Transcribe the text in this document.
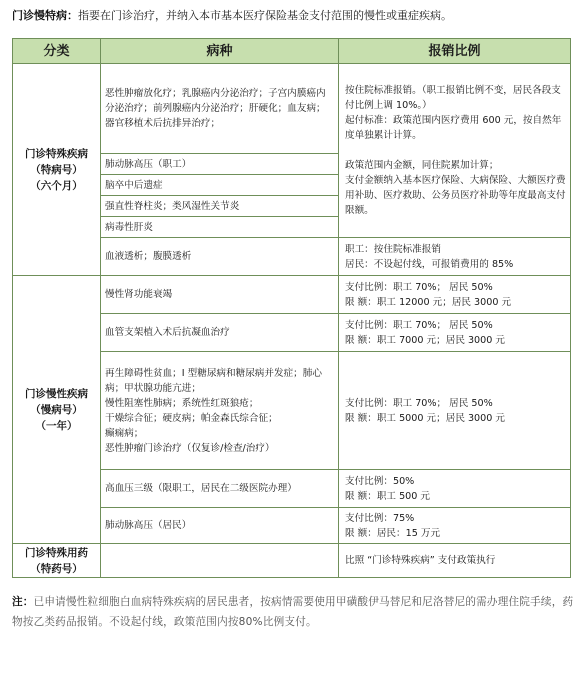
门诊慢特病：指要在门诊治疗，并纳入本市基本医疗保险基金支付范围的慢性或重症疾病。
分类	病种	报销比例

门诊特殊疾病
（特病号）
（六个月）	恶性肿瘤放化疗；乳腺癌内分泌治疗；子宫内膜癌内分泌治疗；前列腺癌内分泌治疗；肝硬化；血友病；器官移植术后抗排异治疗；	按住院标准报销。（职工报销比例不变，居民各段支付比例上调 10%。）
起付标准：政策范围内医疗费用 600 元，按自然年度单独累计计算。

政策范围内金额，同住院累加计算；
支付金额纳入基本医疗保险、大病保险、大额医疗费用补助、医疗救助、公务员医疗补助等年度最高支付限额。
	肺动脉高压（职工）	
	脑卒中后遗症	
	强直性脊柱炎；类风湿性关节炎	
	病毒性肝炎	
	血液透析；腹膜透析	职工：按住院标准报销
居民：不设起付线，可报销费用的 85%

门诊慢性疾病
（慢病号）
（一年）	慢性肾功能衰竭	支付比例：职工 70%； 居民 50%
限 额：职工 12000 元；居民 3000 元
	血管支架植入术后抗凝血治疗	支付比例：职工 70%； 居民 50%
限 额：职工 7000 元；居民 3000 元
	再生障碍性贫血；I 型糖尿病和糖尿病并发症；肺心病；甲状腺功能亢进；
慢性阻塞性肺病；系统性红斑狼疮；
干燥综合征；硬皮病；帕金森氏综合征；
癫痫病；
恶性肿瘤门诊治疗（仅复诊/检查/治疗）	支付比例：职工 70%； 居民 50%
限 额：职工 5000 元；居民 3000 元
	高血压三级（限职工，居民在二级医院办理）	支付比例：50%
限 额：职工 500 元
	肺动脉高压（居民）	支付比例：75%
限 额：居民：15 万元

门诊特殊用药
（特药号）		比照 “门诊特殊疾病” 支付政策执行
注：已申请慢性粒细胞白血病特殊疾病的居民患者，按病情需要使用甲磺酸伊马替尼和尼洛替尼的需办理住院手续，药物按乙类药品报销。不设起付线，政策范围内按80%比例支付。
